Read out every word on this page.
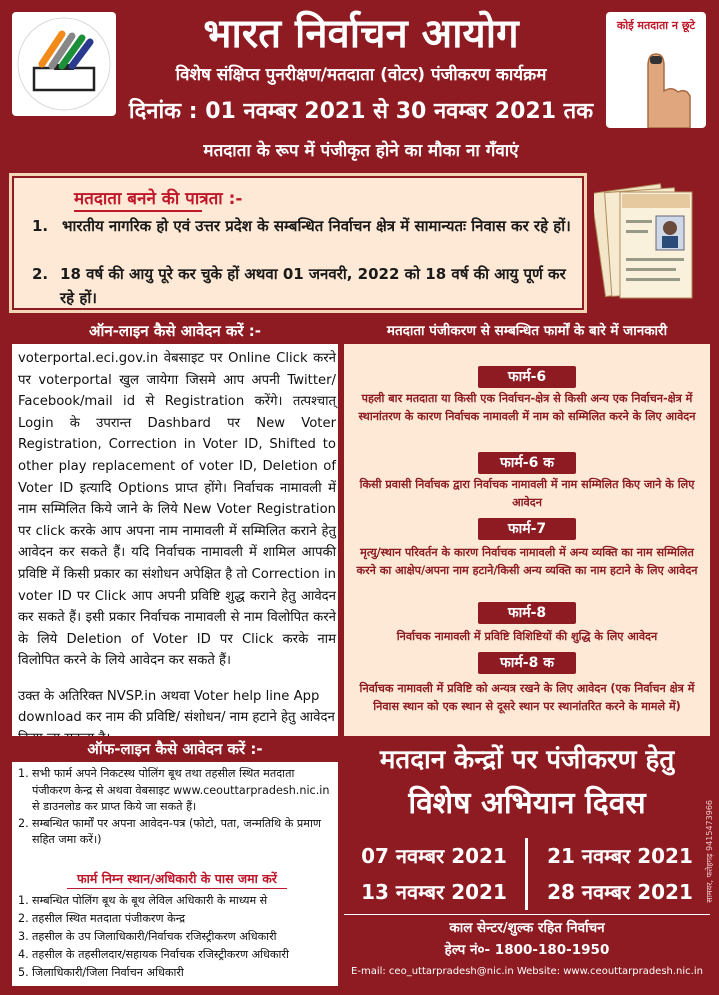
भारत निर्वाचन आयोग
विशेष संक्षिप्त पुनरीक्षण/मतदाता (वोटर) पंजीकरण कार्यक्रम
दिनांक : 01 नवम्बर 2021 से 30 नवम्बर 2021 तक
मतदाता के रूप में पंजीकृत होने का मौका ना गँवाएं
कोई मतदाता न छूटे
मतदाता बनने की पात्रता :-
1. भारतीय नागरिक हो एवं उत्तर प्रदेश के सम्बन्धित निर्वाचन क्षेत्र में सामान्यतः निवास कर रहे हों।
2. 18 वर्ष की आयु पूरे कर चुके हों अथवा 01 जनवरी, 2022 को 18 वर्ष की आयु पूर्ण कर रहे हों।
ऑन-लाइन कैसे आवेदन करें :-
voterportal.eci.gov.in वेबसाइट पर Online Click करने पर voterportal खुल जायेगा जिसमे आप अपनी Twitter/ Facebook/mail id से Registration करेंगे। तत्पश्चात् Login के उपरान्त Dashbard पर New Voter Registration, Correction in Voter ID, Shifted to other play replacement of voter ID, Deletion of Voter ID इत्यादि Options प्राप्त होंगे। निर्वाचक नामावली में नाम सम्मिलित किये जाने के लिये New Voter Registration पर click करके आप अपना नाम नामावली में सम्मिलित कराने हेतु आवेदन कर सकते हैं। यदि निर्वाचक नामावली में शामिल आपकी प्रविष्टि में किसी प्रकार का संशोधन अपेक्षित है तो Correction in voter ID पर Click आप अपनी प्रविष्टि शुद्ध कराने हेतु आवेदन कर सकते हैं। इसी प्रकार निर्वाचक नामावली से नाम विलोपित करने के लिये Deletion of Voter ID पर Click करके नाम विलोपित करने के लिये आवेदन कर सकते हैं।
उक्त के अतिरिक्त NVSP.in अथवा Voter help line App download कर नाम की प्रविष्टि/ संशोधन/ नाम हटाने हेतु आवेदन
ऑफ-लाइन कैसे आवेदन करें :-
1. सभी फार्म अपने निकटस्थ पोलिंग बूथ तथा तहसील स्थित मतदाता पंजीकरण केन्द्र से अथवा वेबसाइट www.ceouttarpradesh.nic.in से डाउनलोड कर प्राप्त किये जा सकते हैं।
2. सम्बन्धित फार्मों पर अपना आवेदन-पत्र (फोटो, पता, जन्मतिथि के प्रमाण सहित जमा करें।)
फार्म निम्न स्थान/अधिकारी के पास जमा करें
1. सम्बन्धित पोलिंग बूथ के बूथ लेविल अधिकारी के माध्यम से
2. तहसील स्थित मतदाता पंजीकरण केन्द्र
3. तहसील के उप जिलाधिकारी/निर्वाचक रजिस्ट्रीकरण अधिकारी
4. तहसील के तहसीलदार/सहायक निर्वाचक रजिस्ट्रीकरण अधिकारी
5. जिलाधिकारी/जिला निर्वाचन अधिकारी
मतदाता पंजीकरण से सम्बन्धित फार्मों के बारे में जानकारी
फार्म-6
पहली बार मतदाता या किसी एक निर्वाचन-क्षेत्र से किसी अन्य एक निर्वाचन-क्षेत्र में स्थानांतरण के कारण निर्वाचक नामावली में नाम को सम्मिलित करने के लिए आवेदन
फार्म-6 क
किसी प्रवासी निर्वाचक द्वारा निर्वाचक नामावली में नाम सम्मिलित किए जाने के लिए आवेदन
फार्म-7
मृत्यु/स्थान परिवर्तन के कारण निर्वाचक नामावली में अन्य व्यक्ति का नाम सम्मिलित करने का आक्षेप/अपना नाम हटाने/किसी अन्य व्यक्ति का नाम हटाने के लिए आवेदन
फार्म-8
निर्वाचक नामावली में प्रविष्टि विशिष्टियों की शुद्धि के लिए आवेदन
फार्म-8 क
निर्वाचक नामावली में प्रविष्टि को अन्यत्र रखने के लिए आवेदन (एक निर्वाचन क्षेत्र में निवास स्थान को एक स्थान से दूसरे स्थान पर स्थानांतरित करने के मामले में)
मतदान केन्द्रों पर पंजीकरण हेतु
विशेष अभियान दिवस
07 नवम्बर 2021	21 नवम्बर 2021
13 नवम्बर 2021	28 नवम्बर 2021
काल सेन्टर/शुल्क रहित निर्वाचन
हेल्प नं०- 1800-180-1950
E-mail: ceo_uttarpradesh@nic.in Website: www.ceouttarpradesh.nic.in
सामयर, फतेहगढ़ 9415473966
